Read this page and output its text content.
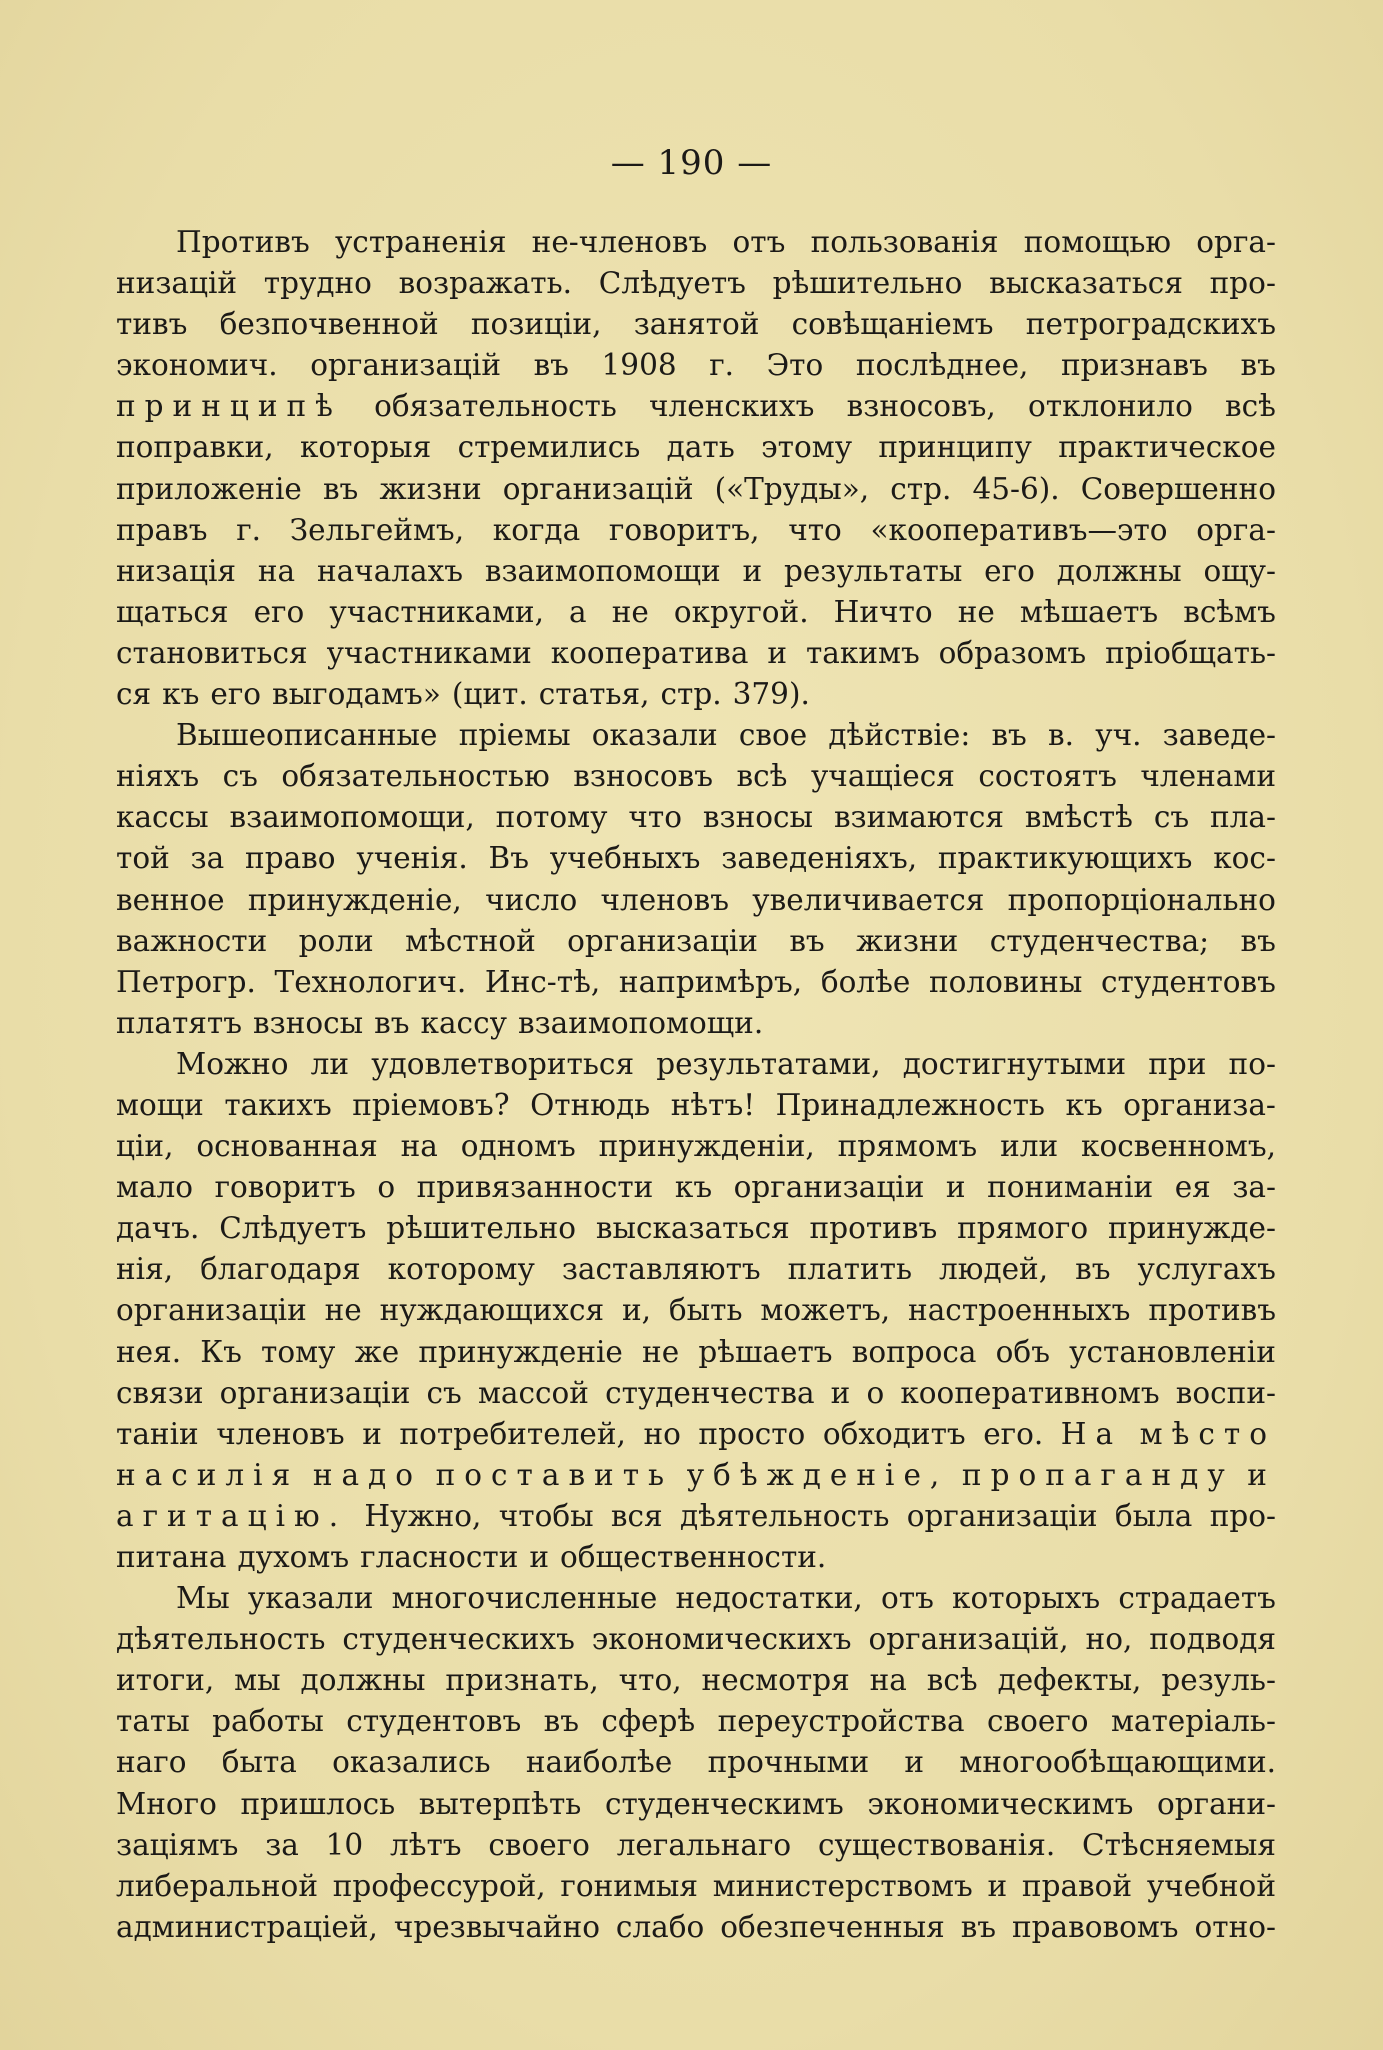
— 190 —
Противъ устраненія не-членовъ отъ пользованія помощью орга-
низацій трудно возражать. Слѣдуетъ рѣшительно высказаться про-
тивъ безпочвенной позиціи, занятой совѣщаніемъ петроградскихъ
экономич. организацій въ 1908 г. Это послѣднее, признавъ въ
принципѣ обязательность членскихъ взносовъ, отклонило всѣ
поправки, которыя стремились дать этому принципу практическое
приложеніе въ жизни организацій («Труды», стр. 45-6). Совершенно
правъ г. Зельгеймъ, когда говоритъ, что «кооперативъ—это орга-
низація на началахъ взаимопомощи и результаты его должны ощу-
щаться его участниками, а не округой. Ничто не мѣшаетъ всѣмъ
становиться участниками кооператива и такимъ образомъ пріобщать-
ся къ его выгодамъ» (цит. статья, стр. 379).
Вышеописанные пріемы оказали свое дѣйствіе: въ в. уч. заведе-
ніяхъ съ обязательностью взносовъ всѣ учащіеся состоятъ членами
кассы взаимопомощи, потому что взносы взимаются вмѣстѣ съ пла-
той за право ученія. Въ учебныхъ заведеніяхъ, практикующихъ кос-
венное принужденіе, число членовъ увеличивается пропорціонально
важности роли мѣстной организаціи въ жизни студенчества; въ
Петрогр. Технологич. Инс-тѣ, напримѣръ, болѣе половины студентовъ
платятъ взносы въ кассу взаимопомощи.
Можно ли удовлетвориться результатами, достигнутыми при по-
мощи такихъ пріемовъ? Отнюдь нѣтъ! Принадлежность къ организа-
ціи, основанная на одномъ принужденіи, прямомъ или косвенномъ,
мало говоритъ о привязанности къ организаціи и пониманіи ея за-
дачъ. Слѣдуетъ рѣшительно высказаться противъ прямого принужде-
нія, благодаря которому заставляютъ платить людей, въ услугахъ
организаціи не нуждающихся и, быть можетъ, настроенныхъ противъ
нея. Къ тому же принужденіе не рѣшаетъ вопроса объ установленіи
связи организаціи съ массой студенчества и о кооперативномъ воспи-
таніи членовъ и потребителей, но просто обходитъ его. На мѣсто
насилія надо поставить убѣжденіе, пропаганду и
агитацію. Нужно, чтобы вся дѣятельность организаціи была про-
питана духомъ гласности и общественности.
Мы указали многочисленные недостатки, отъ которыхъ страдаетъ
дѣятельность студенческихъ экономическихъ организацій, но, подводя
итоги, мы должны признать, что, несмотря на всѣ дефекты, резуль-
таты работы студентовъ въ сферѣ переустройства своего матеріаль-
наго быта оказались наиболѣе прочными и многообѣщающими.
Много пришлось вытерпѣть студенческимъ экономическимъ органи-
заціямъ за 10 лѣтъ своего легальнаго существованія. Стѣсняемыя
либеральной профессурой, гонимыя министерствомъ и правой учебной
администраціей, чрезвычайно слабо обезпеченныя въ правовомъ отно-
